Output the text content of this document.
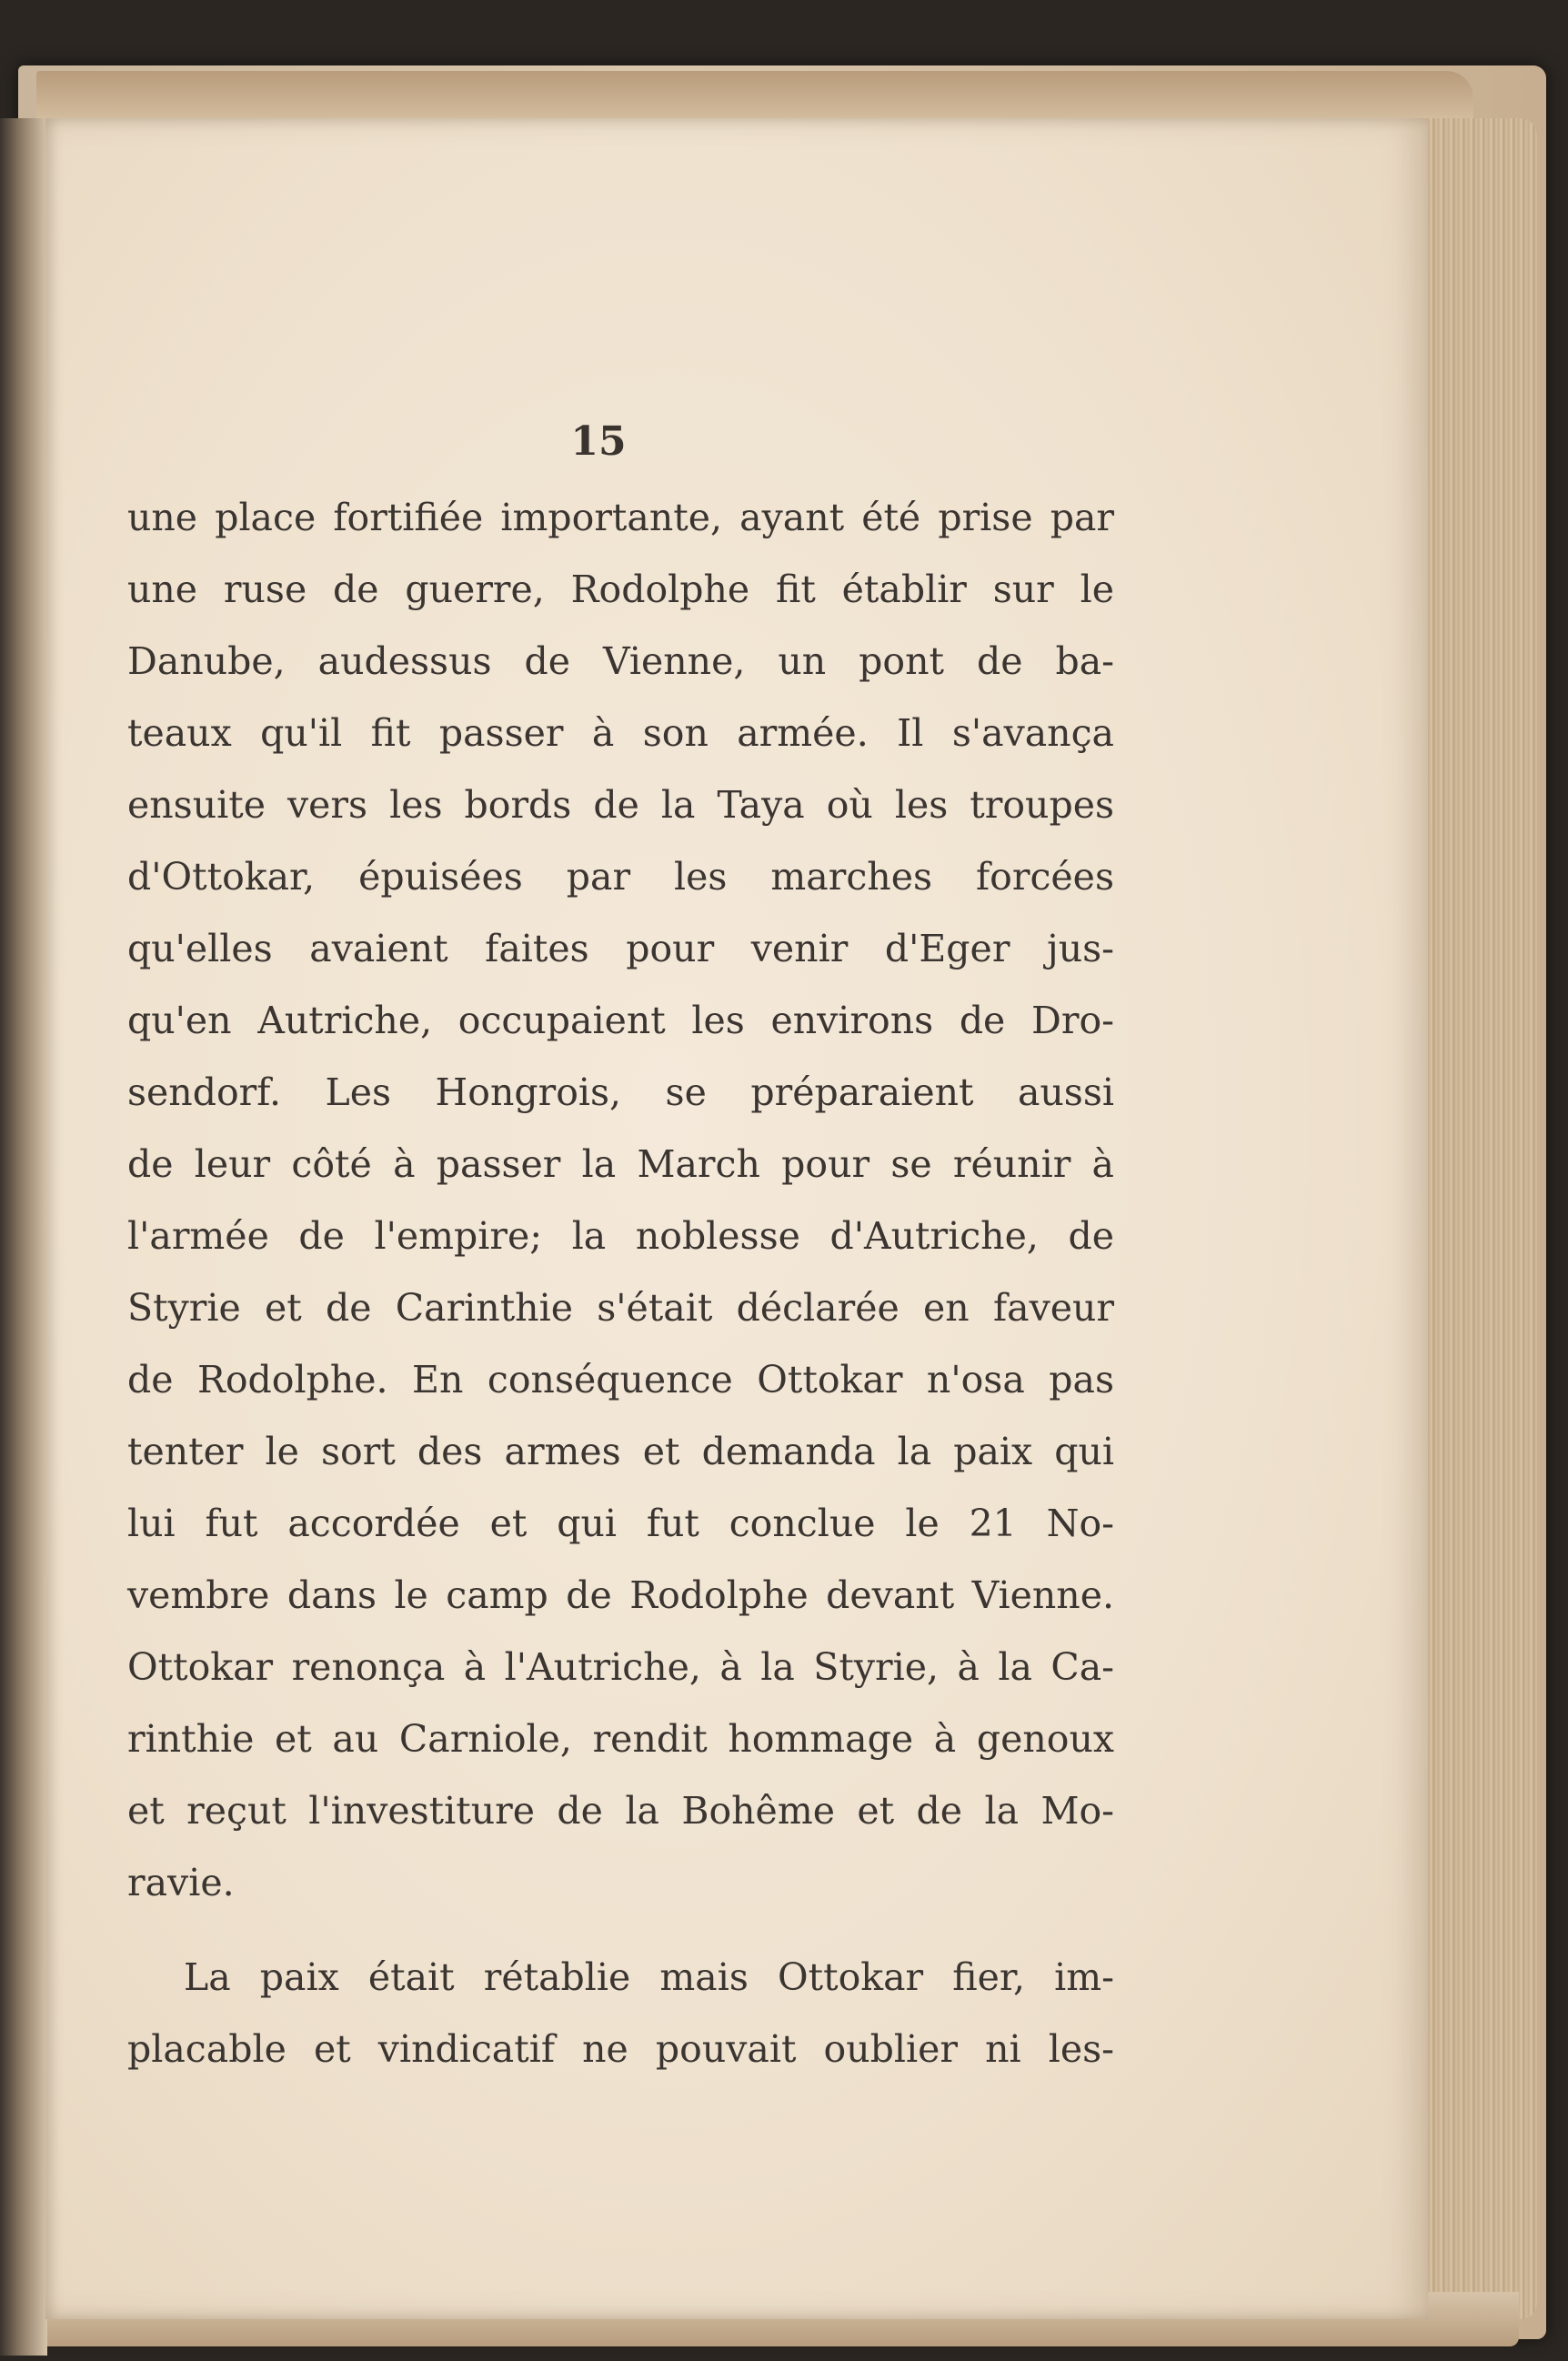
15
une place fortifiée importante, ayant été prise par
une ruse de guerre, Rodolphe fit établir sur le
Danube, audessus de Vienne, un pont de ba-
teaux qu'il fit passer à son armée. Il s'avança
ensuite vers les bords de la Taya où les troupes
d'Ottokar, épuisées par les marches forcées
qu'elles avaient faites pour venir d'Eger jus-
qu'en Autriche, occupaient les environs de Dro-
sendorf. Les Hongrois, se préparaient aussi
de leur côté à passer la March pour se réunir à
l'armée de l'empire; la noblesse d'Autriche, de
Styrie et de Carinthie s'était déclarée en faveur
de Rodolphe. En conséquence Ottokar n'osa pas
tenter le sort des armes et demanda la paix qui
lui fut accordée et qui fut conclue le 21 No-
vembre dans le camp de Rodolphe devant Vienne.
Ottokar renonça à l'Autriche, à la Styrie, à la Ca-
rinthie et au Carniole, rendit hommage à genoux
et reçut l'investiture de la Bohême et de la Mo-
ravie.
La paix était rétablie mais Ottokar fier, im-
placable et vindicatif ne pouvait oublier ni les-
